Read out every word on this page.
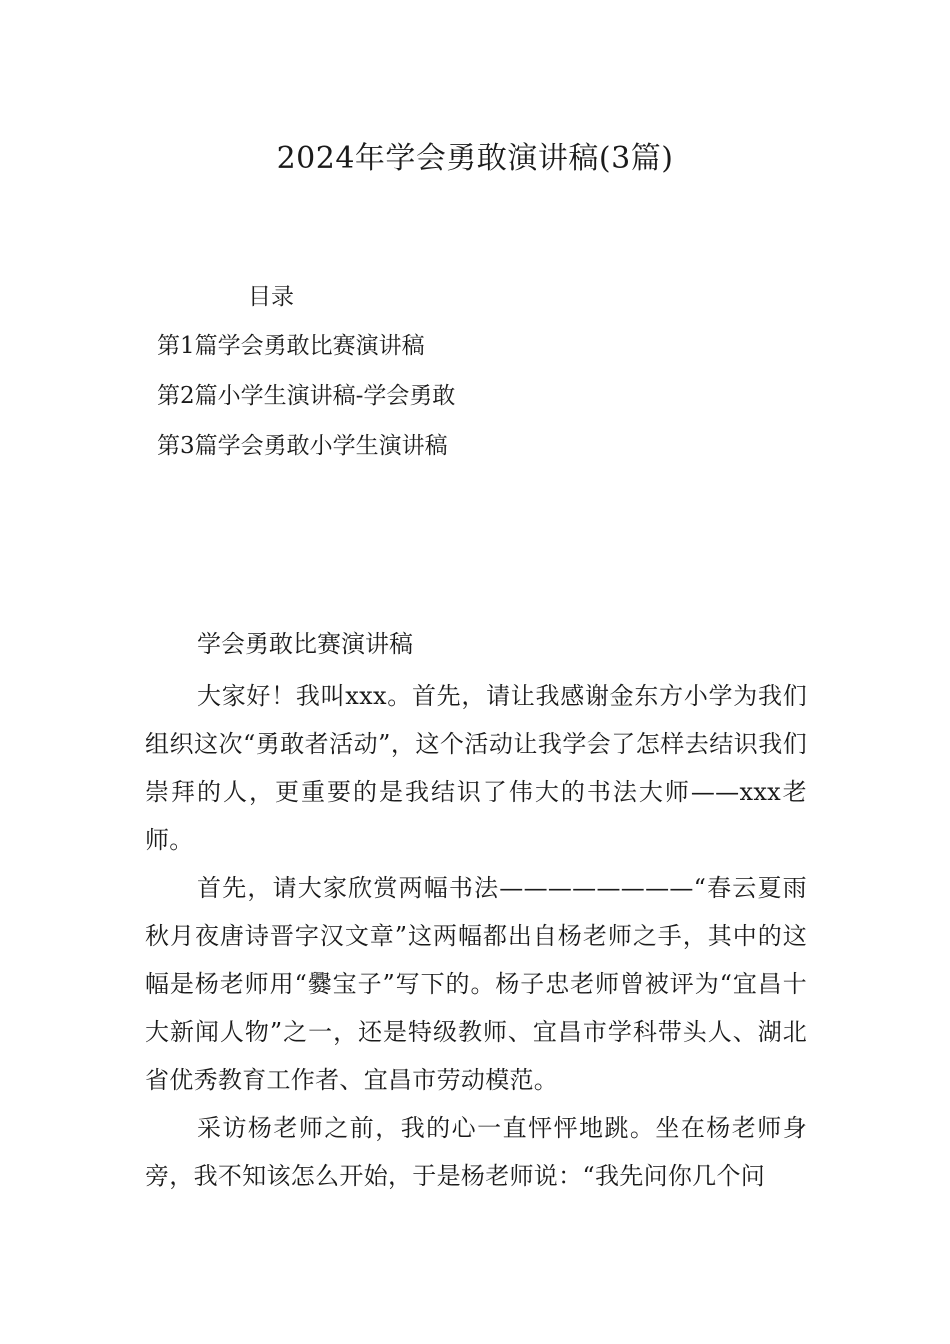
2024年学会勇敢演讲稿(3篇)
目录
第1篇学会勇敢比赛演讲稿
第2篇小学生演讲稿-学会勇敢
第3篇学会勇敢小学生演讲稿
学会勇敢比赛演讲稿

大家好！我叫xxx。首先，请让我感谢金东方小学为我们组织这次“勇敢者活动”，这个活动让我学会了怎样去结识我们崇拜的人，更重要的是我结识了伟大的书法大师——xxx老师。

首先，请大家欣赏两幅书法————————“春云夏雨秋月夜唐诗晋字汉文章”这两幅都出自杨老师之手，其中的这幅是杨老师用“爨宝子”写下的。杨子忠老师曾被评为“宜昌十大新闻人物”之一，还是特级教师、宜昌市学科带头人、湖北省优秀教育工作者、宜昌市劳动模范。

采访杨老师之前，我的心一直怦怦地跳。坐在杨老师身旁，我不知该怎么开始，于是杨老师说：“我先问你几个问
